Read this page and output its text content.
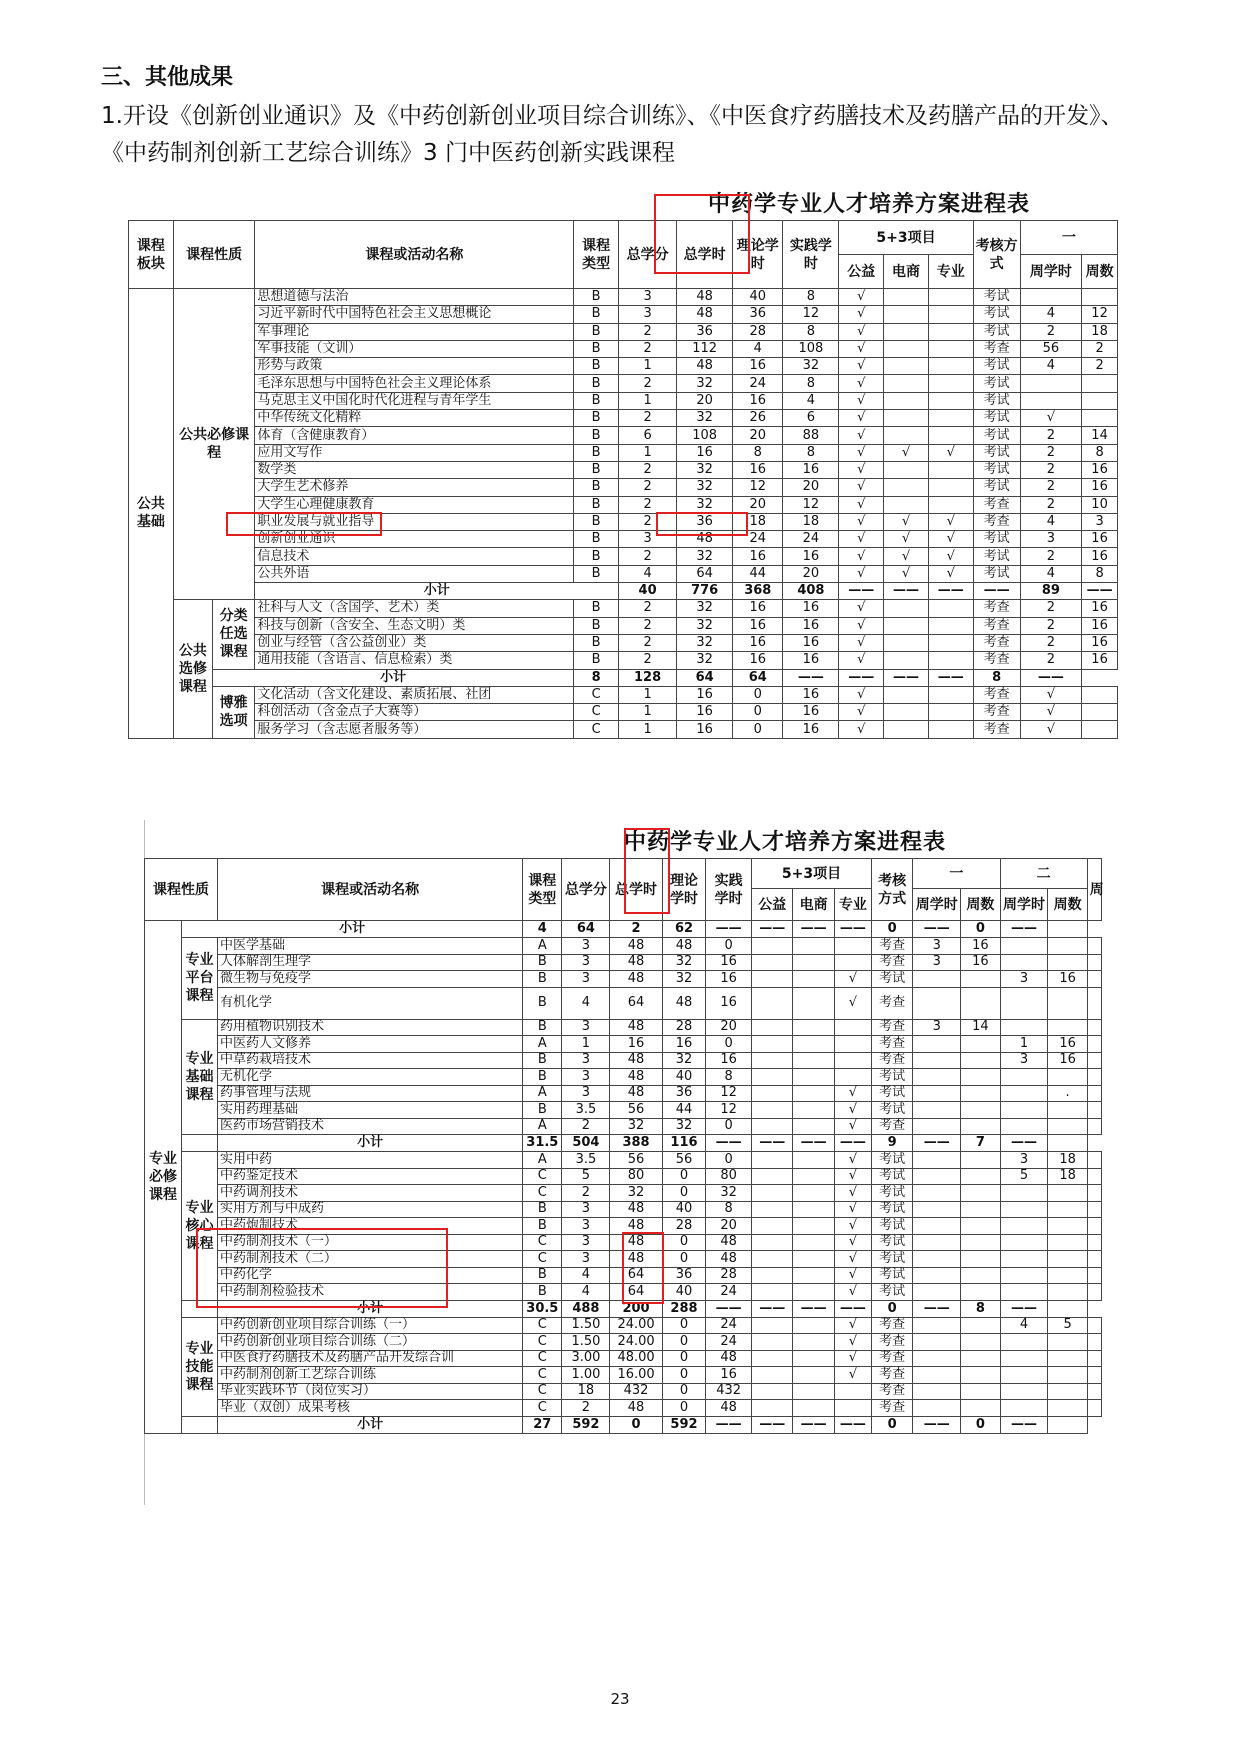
三、其他成果
1.开设《创新创业通识》及《中药创新创业项目综合训练》、《中医食疗药膳技术及药膳产品的开发》、《中药制剂创新工艺综合训练》3 门中医药创新实践课程
中药学专业人才培养方案进程表
课程板块	课程性质		课程或活动名称	课程类型	总学分	总学时	理论学时	实践学时	5+3项目			考核方式	一	
									公益	电商	专业		周学时	周数
公共基础	公共必修课程		思想道德与法治	B	3	48	40	8	√			考试		
			习近平新时代中国特色社会主义思想概论	B	3	48	36	12	√			考试	4	12
			军事理论	B	2	36	28	8	√			考试	2	18
			军事技能（文训）	B	2	112	4	108	√			考查	56	2
			形势与政策	B	1	48	16	32	√			考试	4	2
			毛泽东思想与中国特色社会主义理论体系	B	2	32	24	8	√			考试		
			马克思主义中国化时代化进程与青年学生	B	1	20	16	4	√			考试		
			中华传统文化精粹	B	2	32	26	6	√			考试	√	
			体育（含健康教育）	B	6	108	20	88	√			考试	2	14
			应用文写作	B	1	16	8	8	√	√	√	考试	2	8
			数学类	B	2	32	16	16	√			考试	2	16
			大学生艺术修养	B	2	32	12	20	√			考试	2	16
			大学生心理健康教育	B	2	32	20	12	√			考查	2	10
			职业发展与就业指导	B	2	36	18	18	√	√	√	考查	4	3
			创新创业通识	B	3	48	24	24	√	√	√	考试	3	16
			信息技术	B	2	32	16	16	√	√	√	考试	2	16
			公共外语	B	4	64	44	20	√	√	√	考试	4	8
			小计		40	776	368	408	——	——	——	——	89	——
	公共选修课程	分类任选课程	社科与人文（含国学、艺术）类	B	2	32	16	16	√			考查	2	16
			科技与创新（含安全、生态文明）类	B	2	32	16	16	√			考查	2	16
			创业与经管（含公益创业）类	B	2	32	16	16	√			考查	2	16
			通用技能（含语言、信息检索）类	B	2	32	16	16	√			考查	2	16
		小计		8	128	64	64	——	——	——	——	8	——	
		博雅选项	文化活动（含文化建设、素质拓展、社团	C	1	16	0	16	√			考查	√	
			科创活动（含金点子大赛等）	C	1	16	0	16	√			考查	√	
			服务学习（含志愿者服务等）	C	1	16	0	16	√			考查	√	
中药学专业人才培养方案进程表
课程性质		课程或活动名称	课程类型	总学分	总学时	理论学时	实践学时	5+3项目			考核方式	一		二		周
								公益	电商	专业		周学时	周数	周学时	周数	
专业必修课程	小计		4	64	2	62	——	——	——	——	0	——	0	——		
	专业平台课程	中医学基础	A	3	48	48	0				考查	3	16			
		人体解剖生理学	B	3	48	32	16				考查	3	16			
		微生物与免疫学	B	3	48	32	16			√	考试			3	16	
		有机化学	B	4	64	48	16			√	考查					
	专业基础课程	药用植物识别技术	B	3	48	28	20				考查	3	14			
		中医药人文修养	A	1	16	16	0				考查			1	16	
		中草药栽培技术	B	3	48	32	16				考查			3	16	
		无机化学	B	3	48	40	8				考试					
		药事管理与法规	A	3	48	36	12			√	考试				.	
		实用药理基础	B	3.5	56	44	12			√	考试					
		医药市场营销技术	A	2	32	32	0			√	考查					
		小计	31.5	504	388	116	——	——	——	——	9	——	7	——		
	专业核心课程	实用中药	A	3.5	56	56	0			√	考试			3	18	
		中药鉴定技术	C	5	80	0	80			√	考试			5	18	
		中药调剂技术	C	2	32	0	32			√	考试					
		实用方剂与中成药	B	3	48	40	8			√	考试					
		中药炮制技术	B	3	48	28	20			√	考试					
		中药制剂技术（一）	C	3	48	0	48			√	考试					
		中药制剂技术（二）	C	3	48	0	48			√	考试					
		中药化学	B	4	64	36	28			√	考试					
		中药制剂检验技术	B	4	64	40	24			√	考试					
		小计	30.5	488	200	288	——	——	——	——	0	——	8	——		
	专业技能课程	中药创新创业项目综合训练（一）	C	1.50	24.00	0	24			√	考查			4	5	
		中药创新创业项目综合训练（二）	C	1.50	24.00	0	24			√	考查					
		中医食疗药膳技术及药膳产品开发综合训	C	3.00	48.00	0	48			√	考查					
		中药制剂创新工艺综合训练	C	1.00	16.00	0	16			√	考查					
		毕业实践环节（岗位实习）	C	18	432	0	432				考查					
		毕业（双创）成果考核	C	2	48	0	48				考查					
		小计	27	592	0	592	——	——	——	——	0	——	0	——		
23
